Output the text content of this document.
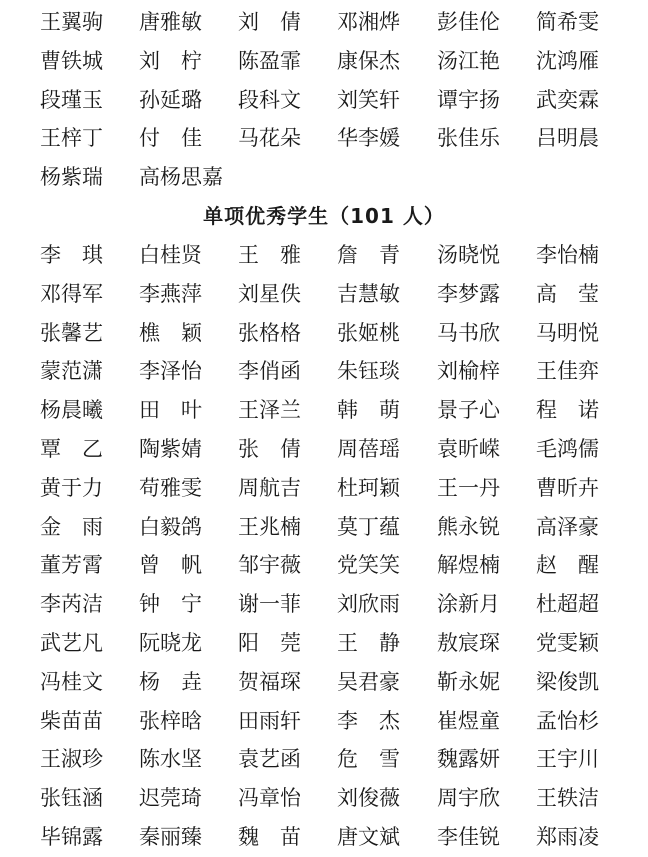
王翼驹	唐雅敏	刘　倩	邓湘烨	彭佳伦	简希雯
曹铁城	刘　柠	陈盈霏	康保杰	汤江艳	沈鸿雁
段瑾玉	孙延璐	段科文	刘笑轩	谭宇扬	武奕霖
王梓丁	付　佳	马花朵	华李媛	张佳乐	吕明晨
杨紫瑞	高杨思嘉
单项优秀学生（101 人）
李　琪	白桂贤	王　雅	詹　青	汤晓悦	李怡楠
邓得军	李燕萍	刘星佚	吉慧敏	李梦露	高　莹
张馨艺	樵　颖	张格格	张姬桃	马书欣	马明悦
蒙范潇	李泽怡	李俏函	朱钰琰	刘榆梓	王佳弈
杨晨曦	田　叶	王泽兰	韩　萌	景子心	程　诺
覃　乙	陶紫婧	张　倩	周蓓瑶	袁昕嵘	毛鸿儒
黄于力	苟雅雯	周航吉	杜珂颖	王一丹	曹昕卉
金　雨	白毅鸽	王兆楠	莫丁蕴	熊永锐	高泽豪
董芳霄	曾　帆	邹宇薇	党笑笑	解煜楠	赵　醒
李芮洁	钟　宁	谢一菲	刘欣雨	涂新月	杜超超
武艺凡	阮晓龙	阳　莞	王　静	敖宸琛	党雯颖
冯桂文	杨　垚	贺福琛	吴君豪	靳永妮	梁俊凯
柴苗苗	张梓晗	田雨轩	李　杰	崔煜童	孟怡杉
王淑珍	陈水坚	袁艺函	危　雪	魏露妍	王宇川
张钰涵	迟莞琦	冯章怡	刘俊薇	周宇欣	王轶洁
毕锦露	秦丽臻	魏　苗	唐文斌	李佳锐	郑雨凌
